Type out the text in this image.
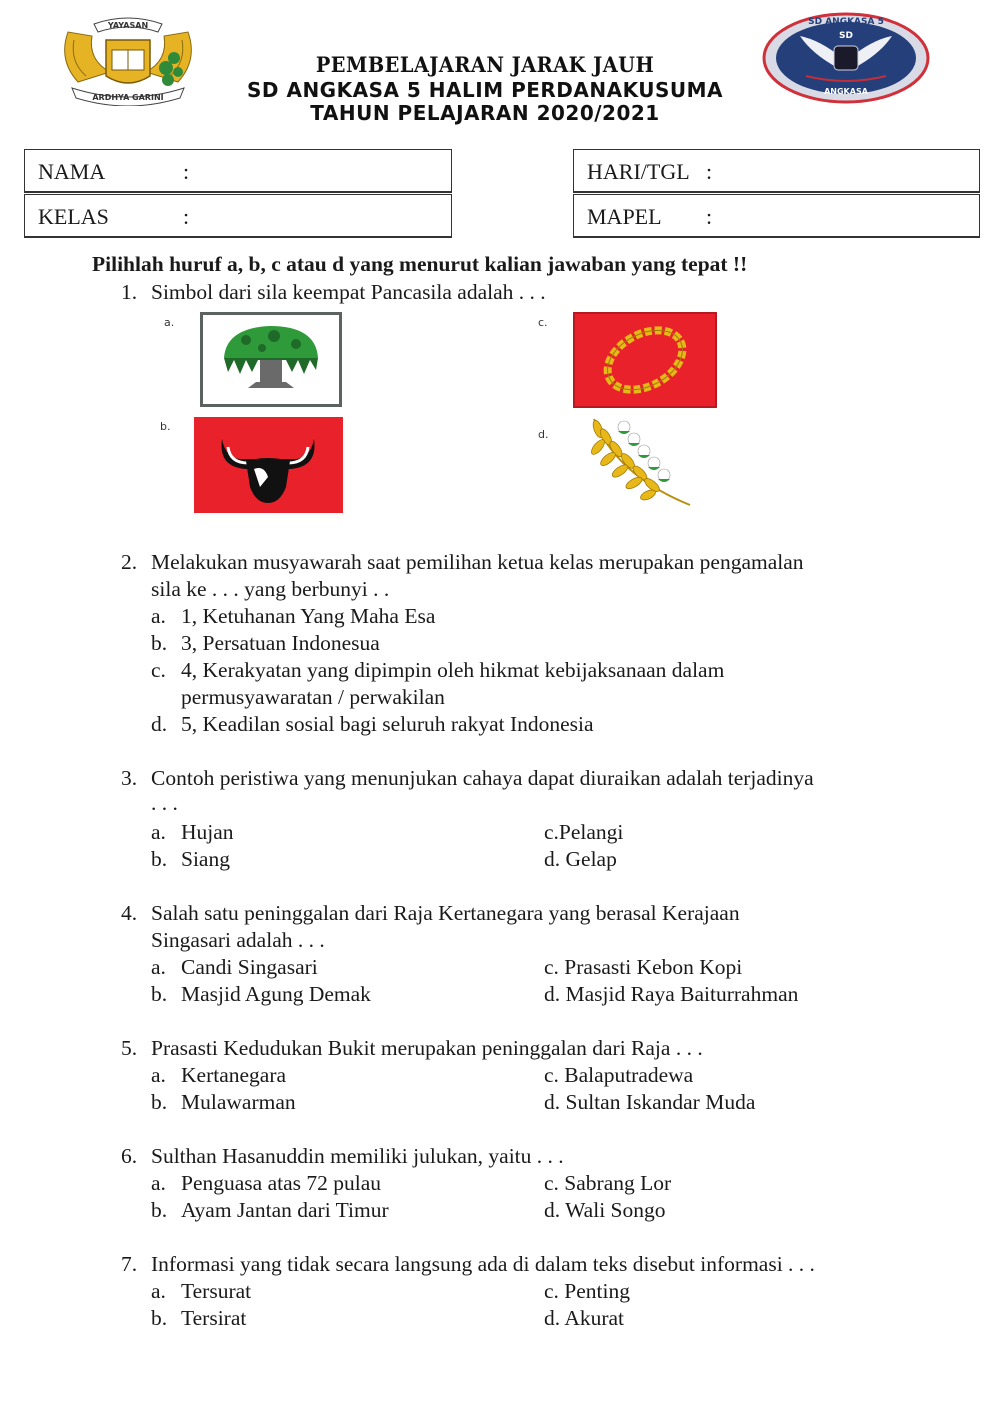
YAYASAN
ARDHYA GARINI
PEMBELAJARAN JARAK JAUH
SD ANGKASA 5 HALIM PERDANAKUSUMA
TAHUN PELAJARAN 2020/2021
SD ANGKASA 5
SD
ANGKASA
NAMA	:	HARI/TGL :
KELAS	:	MAPEL :
Pilihlah huruf a, b, c atau d yang menurut kalian jawaban yang tepat !!
1. Simbol dari sila keempat Pancasila adalah . . .
a.
b.
c.
d.
2. Melakukan musyawarah saat pemilihan ketua kelas merupakan pengamalan
sila ke . . . yang berbunyi . .
a. 1, Ketuhanan Yang Maha Esa
b. 3, Persatuan Indonesua
c. 4, Kerakyatan yang dipimpin oleh hikmat kebijaksanaan dalam
permusyawaratan / perwakilan
d. 5, Keadilan sosial bagi seluruh rakyat Indonesia
3. Contoh peristiwa yang menunjukan cahaya dapat diuraikan adalah terjadinya
. . .
a. Hujan
b. Siang
c.Pelangi
d. Gelap
4. Salah satu peninggalan dari Raja Kertanegara yang berasal Kerajaan
Singasari adalah . . .
a. Candi Singasari
b. Masjid Agung Demak
c. Prasasti Kebon Kopi
d. Masjid Raya Baiturrahman
5. Prasasti Kedudukan Bukit merupakan peninggalan dari Raja . . .
a. Kertanegara
b. Mulawarman
c. Balaputradewa
d. Sultan Iskandar Muda
6. Sulthan Hasanuddin memiliki julukan, yaitu . . .
a. Penguasa atas 72 pulau
b. Ayam Jantan dari Timur
c. Sabrang Lor
d. Wali Songo
7. Informasi yang tidak secara langsung ada di dalam teks disebut informasi . . .
a. Tersurat
b. Tersirat
c. Penting
d. Akurat
